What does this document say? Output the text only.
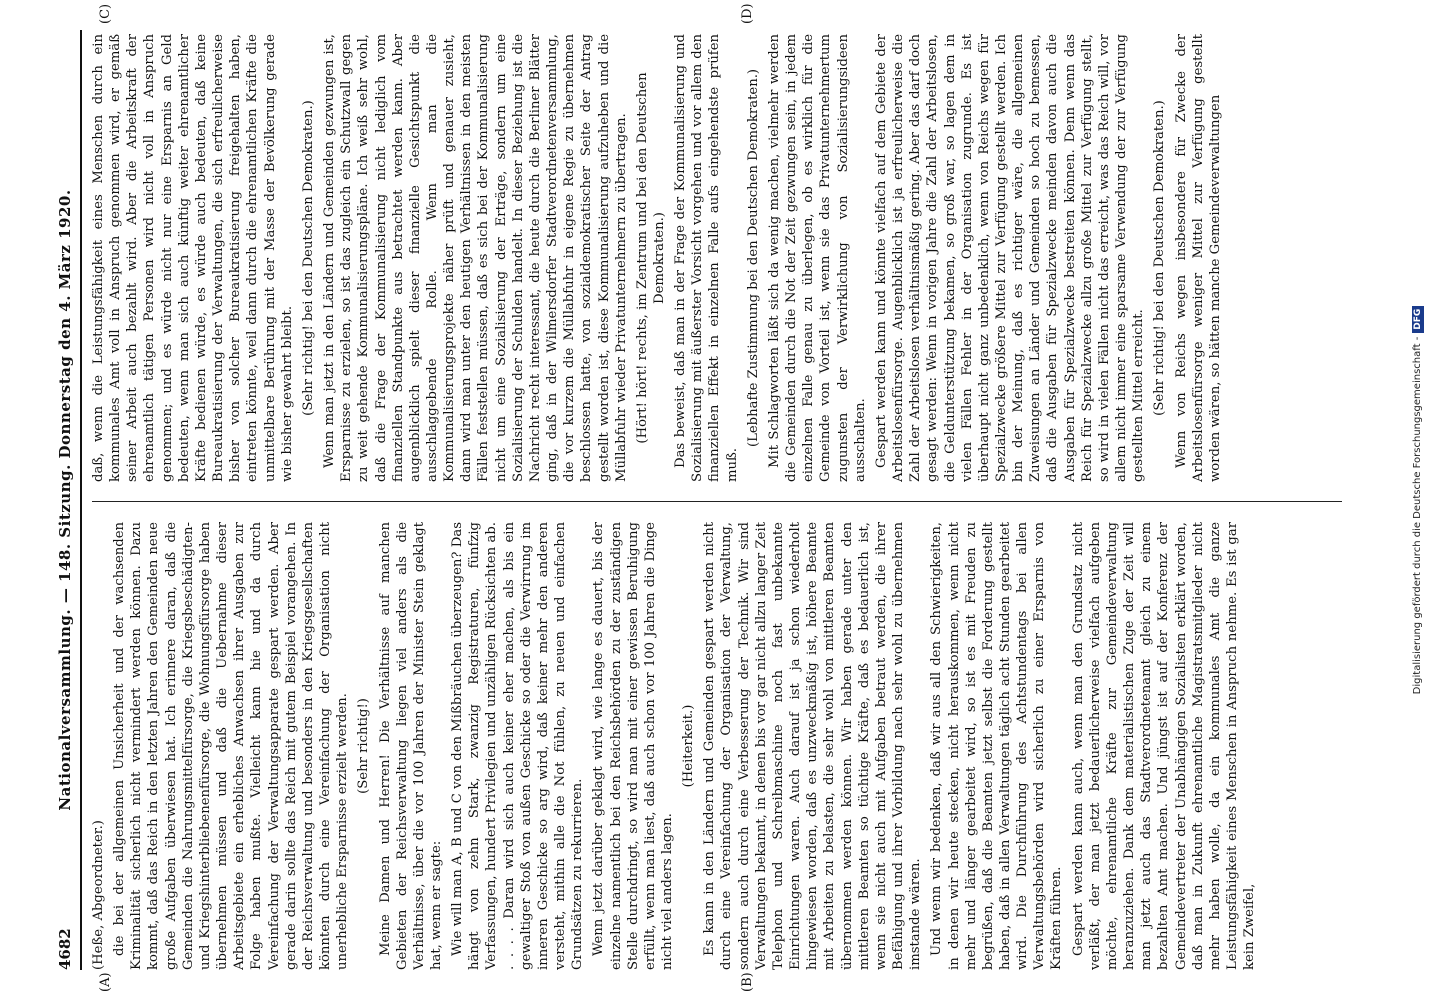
4682
Nationalversammlung. — 148. Sitzung. Donnerstag den 4. März 1920.
(A)	(B)
(C)	(D)

(Heße, Abgeordneter.) die bei der allgemeinen Unsicherheit und der wachsenden Kriminalität sicherlich nicht vermindert werden können. Dazu kommt, daß das Reich in den letzten Jahren den Gemeinden neue große Aufgaben überwiesen hat. Ich erinnere daran, daß die Gemeinden die Nahrungsmittelfürsorge, die Kriegsbeschädigten- und Kriegshinterbliebenenfürsorge, die Wohnungsfürsorge haben übernehmen müssen und daß die Uebernahme dieser Arbeitsgebiete ein erhebliches Anwachsen ihrer Ausgaben zur Folge haben mußte. Vielleicht kann hie und da durch Vereinfachung der Verwaltungsapparate gespart werden. Aber gerade darin sollte das Reich mit gutem Beispiel vorangehen. In der Reichsverwaltung und besonders in den Kriegsgesellschaften könnten durch eine Vereinfachung der Organisation nicht unerhebliche Ersparnisse erzielt werden. (Sehr richtig!) Meine Damen und Herren! Die Verhältnisse auf manchen Gebieten der Reichsverwaltung liegen viel anders als die Verhältnisse, über die vor 100 Jahren der Minister Stein geklagt hat, wenn er sagte: Wie will man A, B und C von den Mißbräuchen überzeugen? Das hängt von zehn Stark, zwanzig Registraturen, fünfzig Verfassungen, hundert Privilegien und unzähligen Rücksichten ab. . . . . Daran wird sich auch keiner eher machen, als bis ein gewaltiger Stoß von außen Geschicke so oder die Verwirrung im inneren Geschicke so arg wird, daß keiner mehr den anderen versteht, mithin alle die Not fühlen, zu neuen und einfachen Grundsätzen zu rekurrieren. Wenn jetzt darüber geklagt wird, wie lange es dauert, bis der einzelne namentlich bei den Reichsbehörden zu der zuständigen Stelle durchdringt, so wird man mit einer gewissen Beruhigung erfüllt, wenn man liest, daß auch schon vor 100 Jahren die Dinge nicht viel anders lagen.

(Heiterkeit.) Es kann in den Ländern und Gemeinden gespart werden nicht durch eine Vereinfachung der Organisation der Verwaltung, sondern auch durch eine Verbesserung der Technik. Wir sind Verwaltungen bekannt, in denen bis vor gar nicht allzu langer Zeit Telephon und Schreibmaschine noch fast unbekannte Einrichtungen waren. Auch darauf ist ja schon wiederholt hingewiesen worden, daß es unzweckmäßig ist, höhere Beamte mit Arbeiten zu belasten, die sehr wohl von mittleren Beamten übernommen werden können. Wir haben gerade unter den mittleren Beamten so tüchtige Kräfte, daß es bedauerlich ist, wenn sie nicht auch mit Aufgaben betraut werden, die ihrer Befähigung und ihrer Vorbildung nach sehr wohl zu übernehmen imstande wären. Und wenn wir bedenken, daß wir aus all den Schwierigkeiten, in denen wir heute stecken, nicht herauskommen, wenn nicht mehr und länger gearbeitet wird, so ist es mit Freuden zu begrüßen, daß die Beamten jetzt selbst die Forderung gestellt haben, daß in allen Verwaltungen täglich acht Stunden gearbeitet wird. Die Durchführung des Achtstundentags bei allen Verwaltungsbehörden wird sicherlich zu einer Ersparnis von Kräften führen. Gespart werden kann auch, wenn man den Grundsatz nicht verläßt, der man jetzt bedauerlicherweise vielfach aufgeben möchte, ehrenamtliche Kräfte zur Gemeindeverwaltung heranzuziehen. Dank dem materialistischen Zuge der Zeit will man jetzt auch das Stadtverordnetenamt gleich zu einem bezahlten Amt machen. Und jüngst ist auf der Konferenz der Gemeindevertreter der Unabhängigen Sozialisten erklärt worden, daß man in Zukunft ehrenamtliche Magistratsmitglieder nicht mehr haben wolle, da ein kommunales Amt die ganze Leistungsfähigkeit eines Menschen in Anspruch nehme. Es ist gar kein Zweifel,

daß, wenn die Leistungsfähigkeit eines Menschen durch ein kommunales Amt voll in Anspruch genommen wird, er gemäß seiner Arbeit auch bezahlt wird. Aber die Arbeitskraft der ehrenamtlich tätigen Personen wird nicht voll in Anspruch genommen; und es würde nicht nur eine Ersparnis an Geld bedeuten, wenn man sich auch künftig weiter ehrenamtlicher Kräfte bedienen würde, es würde auch bedeuten, daß keine Bureaukratisierung der Verwaltungen, die sich erfreulicherweise bisher von solcher Bureaukratisierung freigehalten haben, eintreten könnte, weil dann durch die ehrenamtlichen Kräfte die unmittelbare Berührung mit der Masse der Bevölkerung gerade wie bisher gewahrt bleibt. (Sehr richtig! bei den Deutschen Demokraten.) Wenn man jetzt in den Ländern und Gemeinden gezwungen ist, Ersparnisse zu erzielen, so ist das zugleich ein Schutzwall gegen zu weit gehende Kommunalisierungspläne. Ich weiß sehr wohl, daß die Frage der Kommunalisierung nicht lediglich vom finanziellen Standpunkte aus betrachtet werden kann. Aber augenblicklich spielt dieser finanzielle Gesichtspunkt die ausschlaggebende Rolle. Wenn man die Kommunalisierungsprojekte näher prüft und genauer zusieht, dann wird man unter den heutigen Verhältnissen in den meisten Fällen feststellen müssen, daß es sich bei der Kommunalisierung nicht um eine Sozialisierung der Erträge, sondern um eine Sozialisierung der Schulden handelt. In dieser Beziehung ist die Nachricht recht interessant, die heute durch die Berliner Blätter ging, daß in der Wilmersdorfer Stadtverordnetenversammlung, die vor kurzem die Müllabfuhr in eigene Regie zu übernehmen beschlossen hatte, von sozialdemokratischer Seite der Antrag gestellt worden ist, diese Kommunalisierung aufzuheben und die Müllabfuhr wieder Privatunternehmern zu übertragen. (Hört! hört! rechts, im Zentrum und bei den Deutschen Demokraten.) Das beweist, daß man in der Frage der Kommunalisierung und Sozialisierung mit äußerster Vorsicht vorgehen und vor allem den finanziellen Effekt in einzelnen Falle aufs eingehendste prüfen muß.

(Lebhafte Zustimmung bei den Deutschen Demokraten.) Mit Schlagworten läßt sich da wenig machen, vielmehr werden die Gemeinden durch die Not der Zeit gezwungen sein, in jedem einzelnen Falle genau zu überlegen, ob es wirklich für die Gemeinde von Vorteil ist, wenn sie das Privatunternehmertum zugunsten der Verwirklichung von Sozialisierungsideen ausschalten. Gespart werden kann und könnte vielfach auf dem Gebiete der Arbeitslosenfürsorge. Augenblicklich ist ja erfreulicherweise die Zahl der Arbeitslosen verhältnismäßig gering. Aber das darf doch gesagt werden: Wenn in vorigen Jahre die Zahl der Arbeitslosen, die Geldunterstützung bekamen, so groß war, so lagen dem in vielen Fällen Fehler in der Organisation zugrunde. Es ist überhaupt nicht ganz unbedenklich, wenn von Reichs wegen für Spezialzwecke größere Mittel zur Verfügung gestellt werden. Ich bin der Meinung, daß es richtiger wäre, die allgemeinen Zuweisungen an Länder und Gemeinden so hoch zu bemessen, daß die Ausgaben für Spezialzwecke meinden davon auch die Ausgaben für Spezialzwecke bestreiten können. Denn wenn das Reich für Spezialzwecke allzu große Mittel zur Verfügung stellt, so wird in vielen Fällen nicht das erreicht, was das Reich will, vor allem nicht immer eine sparsame Verwendung der zur Verfügung gestellten Mittel erreicht. (Sehr richtig! bei den Deutschen Demokraten.) Wenn von Reichs wegen insbesondere für Zwecke der Arbeitslosenfürsorge weniger Mittel zur Verfügung gestellt worden wären, so hätten manche Gemeindeverwaltungen

Digitalisierung gefördert durch die Deutsche Forschungsgemeinschaft -DFG
